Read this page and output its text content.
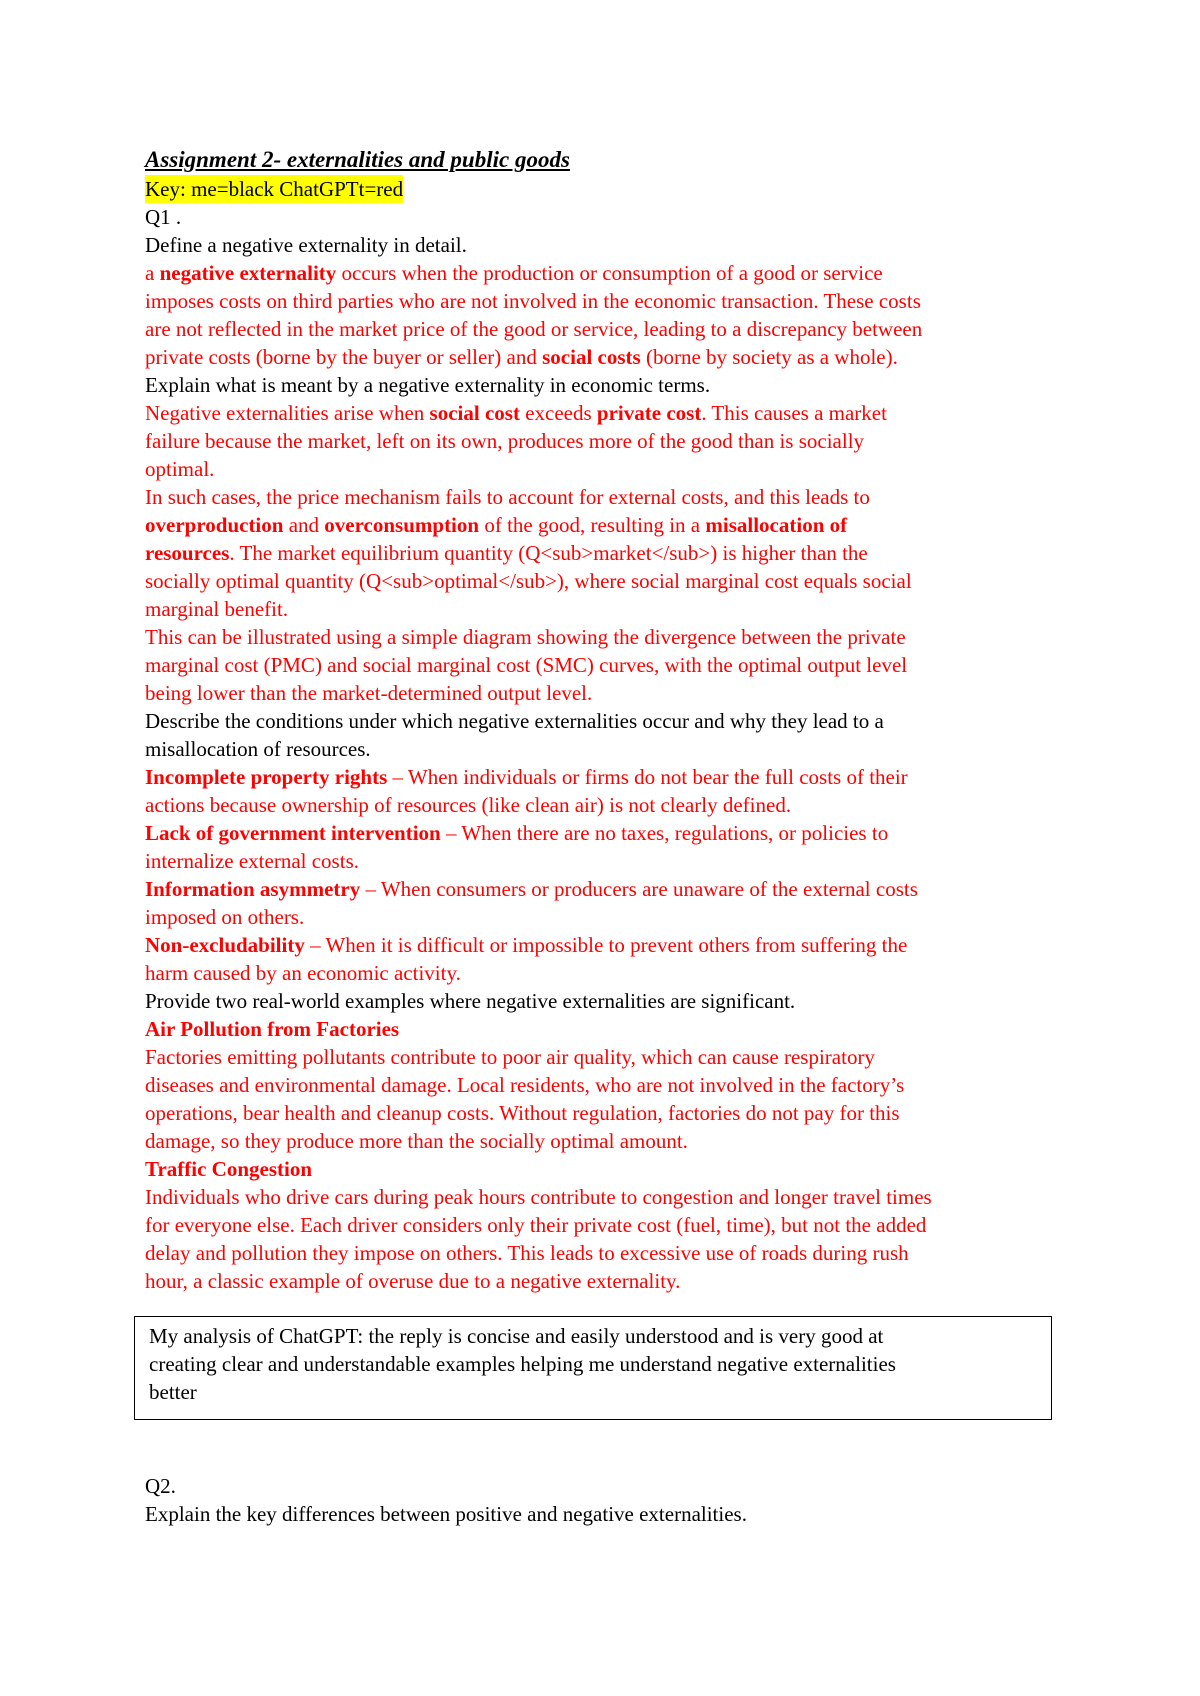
Assignment 2- externalities and public goods
Key: me=black ChatGPTt=red
Q1 .
Define a negative externality in detail.
a negative externality occurs when the production or consumption of a good or service
imposes costs on third parties who are not involved in the economic transaction. These costs
are not reflected in the market price of the good or service, leading to a discrepancy between
private costs (borne by the buyer or seller) and social costs (borne by society as a whole).
Explain what is meant by a negative externality in economic terms.
Negative externalities arise when social cost exceeds private cost. This causes a market
failure because the market, left on its own, produces more of the good than is socially
optimal.
In such cases, the price mechanism fails to account for external costs, and this leads to
overproduction and overconsumption of the good, resulting in a misallocation of
resources. The market equilibrium quantity (Q<sub>market</sub>) is higher than the
socially optimal quantity (Q<sub>optimal</sub>), where social marginal cost equals social
marginal benefit.
This can be illustrated using a simple diagram showing the divergence between the private
marginal cost (PMC) and social marginal cost (SMC) curves, with the optimal output level
being lower than the market-determined output level.
Describe the conditions under which negative externalities occur and why they lead to a
misallocation of resources.
Incomplete property rights – When individuals or firms do not bear the full costs of their
actions because ownership of resources (like clean air) is not clearly defined.
Lack of government intervention – When there are no taxes, regulations, or policies to
internalize external costs.
Information asymmetry – When consumers or producers are unaware of the external costs
imposed on others.
Non-excludability – When it is difficult or impossible to prevent others from suffering the
harm caused by an economic activity.
Provide two real-world examples where negative externalities are significant.
Air Pollution from Factories
Factories emitting pollutants contribute to poor air quality, which can cause respiratory
diseases and environmental damage. Local residents, who are not involved in the factory’s
operations, bear health and cleanup costs. Without regulation, factories do not pay for this
damage, so they produce more than the socially optimal amount.
Traffic Congestion
Individuals who drive cars during peak hours contribute to congestion and longer travel times
for everyone else. Each driver considers only their private cost (fuel, time), but not the added
delay and pollution they impose on others. This leads to excessive use of roads during rush
hour, a classic example of overuse due to a negative externality.
My analysis of ChatGPT: the reply is concise and easily understood and is very good at
creating clear and understandable examples helping me understand negative externalities
better
Q2.
Explain the key differences between positive and negative externalities.
